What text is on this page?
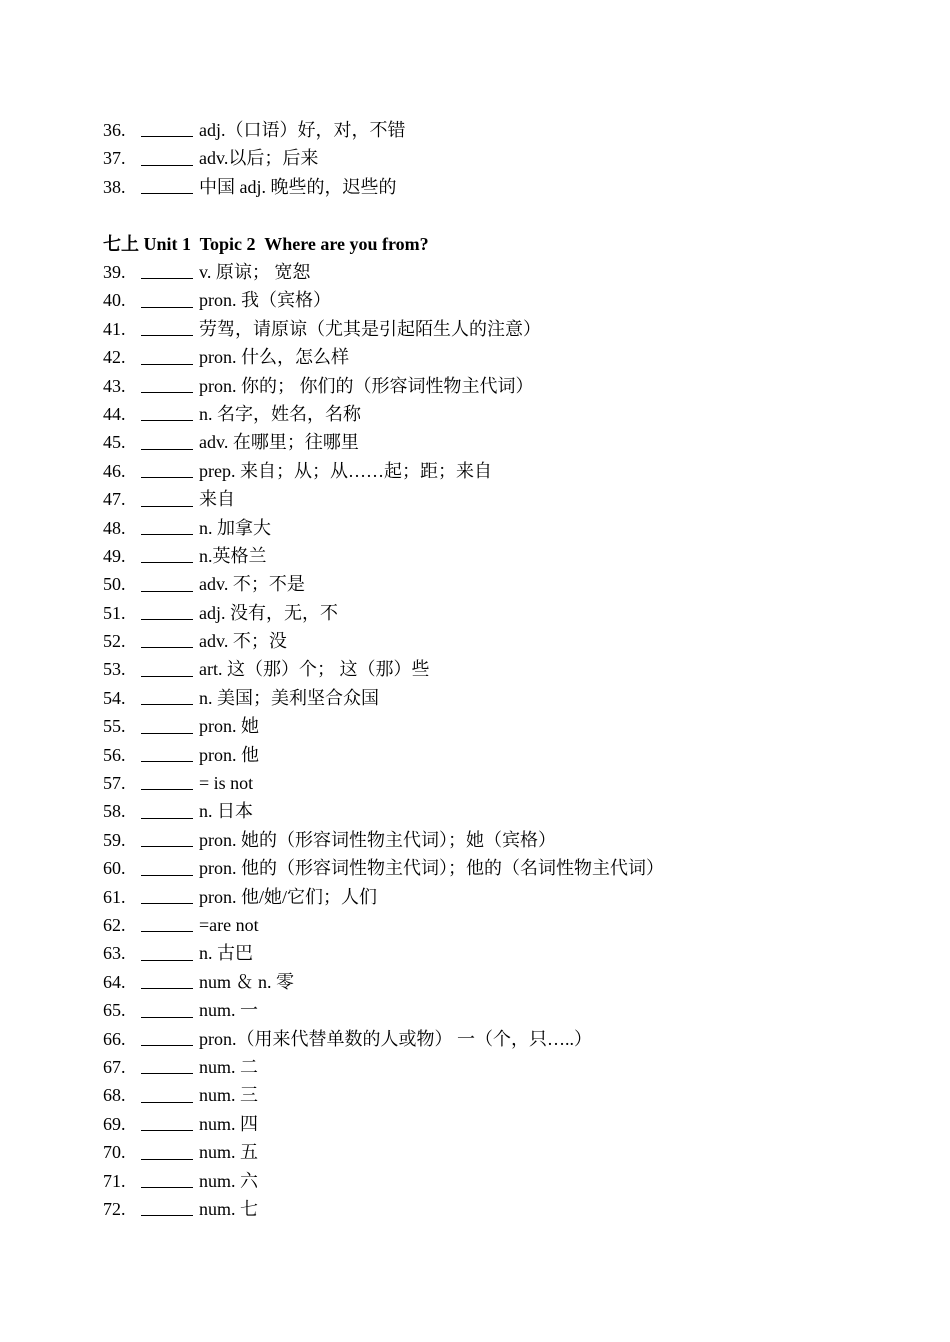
36.	adj.（口语）好，对，不错
37.	adv.以后；后来
38.	中国 adj. 晚些的，迟些的
七上 Unit 1  Topic 2  Where are you from?
39.	v. 原谅； 宽恕
40.	pron. 我（宾格）
41.	劳驾，请原谅（尤其是引起陌生人的注意）
42.	pron. 什么，怎么样
43.	pron. 你的； 你们的（形容词性物主代词）
44.	n. 名字，姓名，名称
45.	adv. 在哪里；往哪里
46.	prep. 来自；从；从……起；距；来自
47.	来自
48.	n. 加拿大
49.	n.英格兰
50.	adv. 不；不是
51.	adj. 没有，无，不
52.	adv. 不；没
53.	art. 这（那）个； 这（那）些
54.	n. 美国；美利坚合众国
55.	pron. 她
56.	pron. 他
57.	= is not
58.	n. 日本
59.	pron. 她的（形容词性物主代词）；她（宾格）
60.	pron. 他的（形容词性物主代词）；他的（名词性物主代词）
61.	pron. 他/她/它们；人们
62.	=are not
63.	n. 古巴
64.	num ＆ n. 零
65.	num. 一
66.	pron.（用来代替单数的人或物） 一（个，只…..）
67.	num. 二
68.	num. 三
69.	num. 四
70.	num. 五
71.	num. 六
72.	num. 七
